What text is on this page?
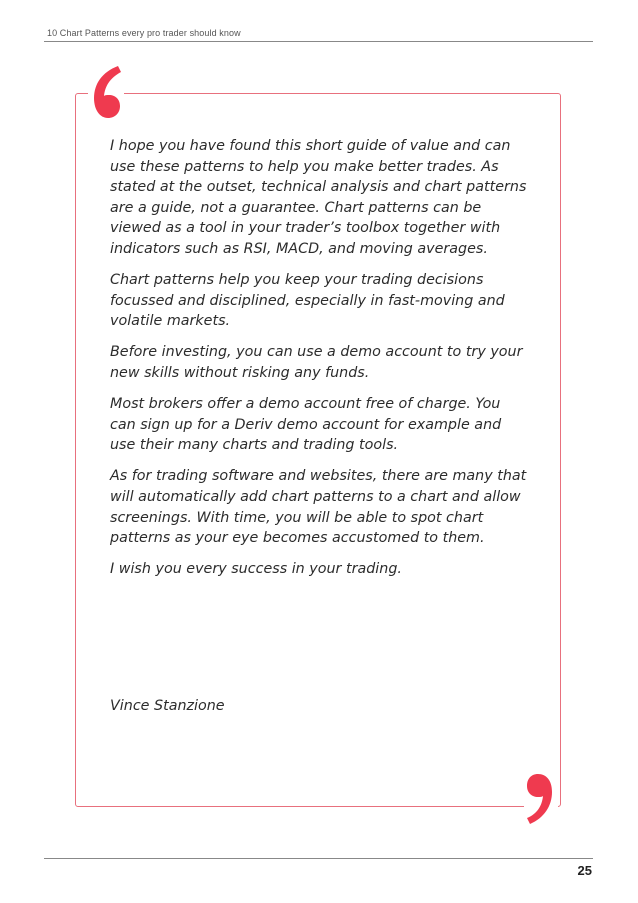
10 Chart Patterns every pro trader should know

I hope you have found this short guide of value and can use these patterns to help you make better trades. As stated at the outset, technical analysis and chart patterns are a guide, not a guarantee. Chart patterns can be viewed as a tool in your trader’s toolbox together with indicators such as RSI, MACD, and moving averages.

Chart patterns help you keep your trading decisions focussed and disciplined, especially in fast-moving and volatile markets.

Before investing, you can use a demo account to try your new skills without risking any funds.

Most brokers offer a demo account free of charge. You can sign up for a Deriv demo account for example and use their many charts and trading tools.

As for trading software and websites, there are many that will automatically add chart patterns to a chart and allow screenings. With time, you will be able to spot chart patterns as your eye becomes accustomed to them.

I wish you every success in your trading.

Vince Stanzione
25
